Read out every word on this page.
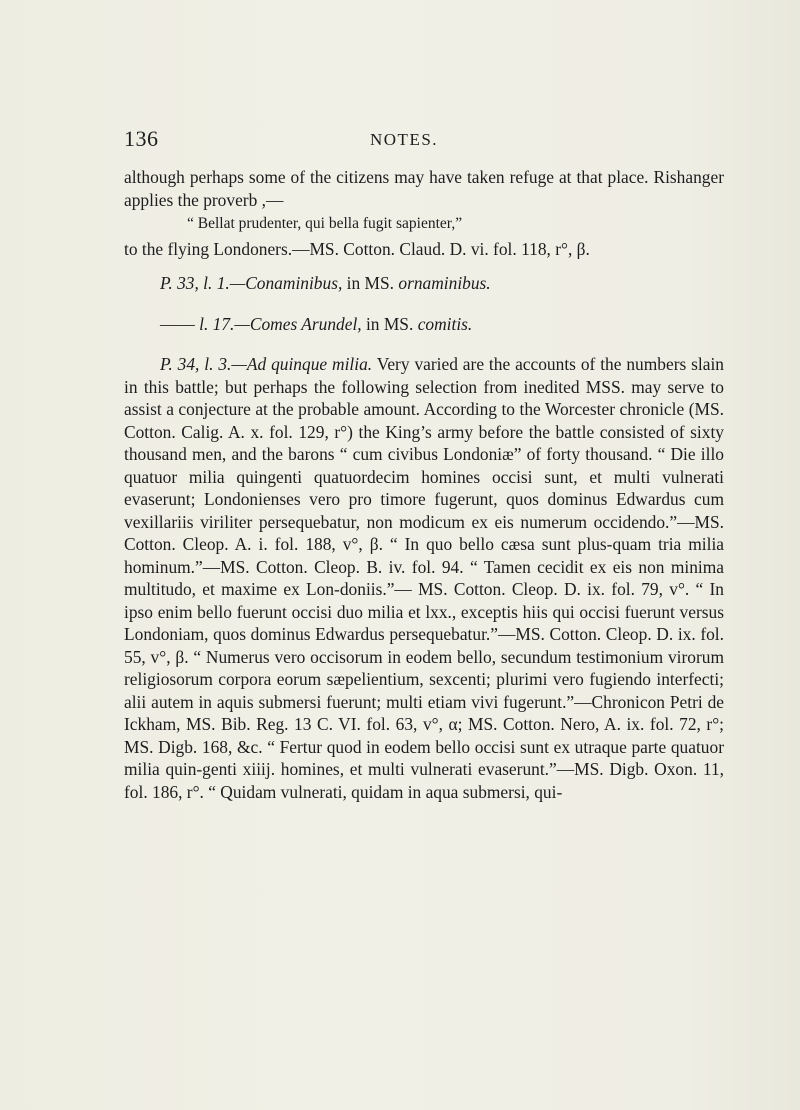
136	NOTES.

although perhaps some of the citizens may have taken refuge at that place. Rishanger applies the proverb ,—

“ Bellat prudenter, qui bella fugit sapienter,”

to the flying Londoners.—MS. Cotton. Claud. D. vi. fol. 118, r°, β.

P. 33, l. 1.—Conaminibus, in MS. ornaminibus.

—— l. 17.—Comes Arundel, in MS. comitis.

P. 34, l. 3.—Ad quinque milia. Very varied are the accounts of the numbers slain in this battle; but perhaps the following selection from inedited MSS. may serve to assist a conjecture at the probable amount. According to the Worcester chronicle (MS. Cotton. Calig. A. x. fol. 129, r°) the King’s army before the battle consisted of sixty thousand men, and the barons “ cum civibus Londoniæ” of forty thousand. “ Die illo quatuor milia quingenti quatuordecim homines occisi sunt, et multi vulnerati evaserunt; Londonienses vero pro timore fugerunt, quos dominus Edwardus cum vexillariis viriliter persequebatur, non modicum ex eis numerum occidendo.”—MS. Cotton. Cleop. A. i. fol. 188, v°, β. “ In quo bello cæsa sunt plus-quam tria milia hominum.”—MS. Cotton. Cleop. B. iv. fol. 94. “ Tamen cecidit ex eis non minima multitudo, et maxime ex Lon-doniis.”— MS. Cotton. Cleop. D. ix. fol. 79, v°. “ In ipso enim bello fuerunt occisi duo milia et lxx., exceptis hiis qui occisi fuerunt versus Londoniam, quos dominus Edwardus persequebatur.”—MS. Cotton. Cleop. D. ix. fol. 55, v°, β. “ Numerus vero occisorum in eodem bello, secundum testimonium virorum religiosorum corpora eorum sæpelientium, sexcenti; plurimi vero fugiendo interfecti; alii autem in aquis submersi fuerunt; multi etiam vivi fugerunt.”—Chronicon Petri de Ickham, MS. Bib. Reg. 13 C. VI. fol. 63, v°, α; MS. Cotton. Nero, A. ix. fol. 72, r°; MS. Digb. 168, &c. “ Fertur quod in eodem bello occisi sunt ex utraque parte quatuor milia quin-genti xiiij. homines, et multi vulnerati evaserunt.”—MS. Digb. Oxon. 11, fol. 186, r°. “ Quidam vulnerati, quidam in aqua submersi, qui-
